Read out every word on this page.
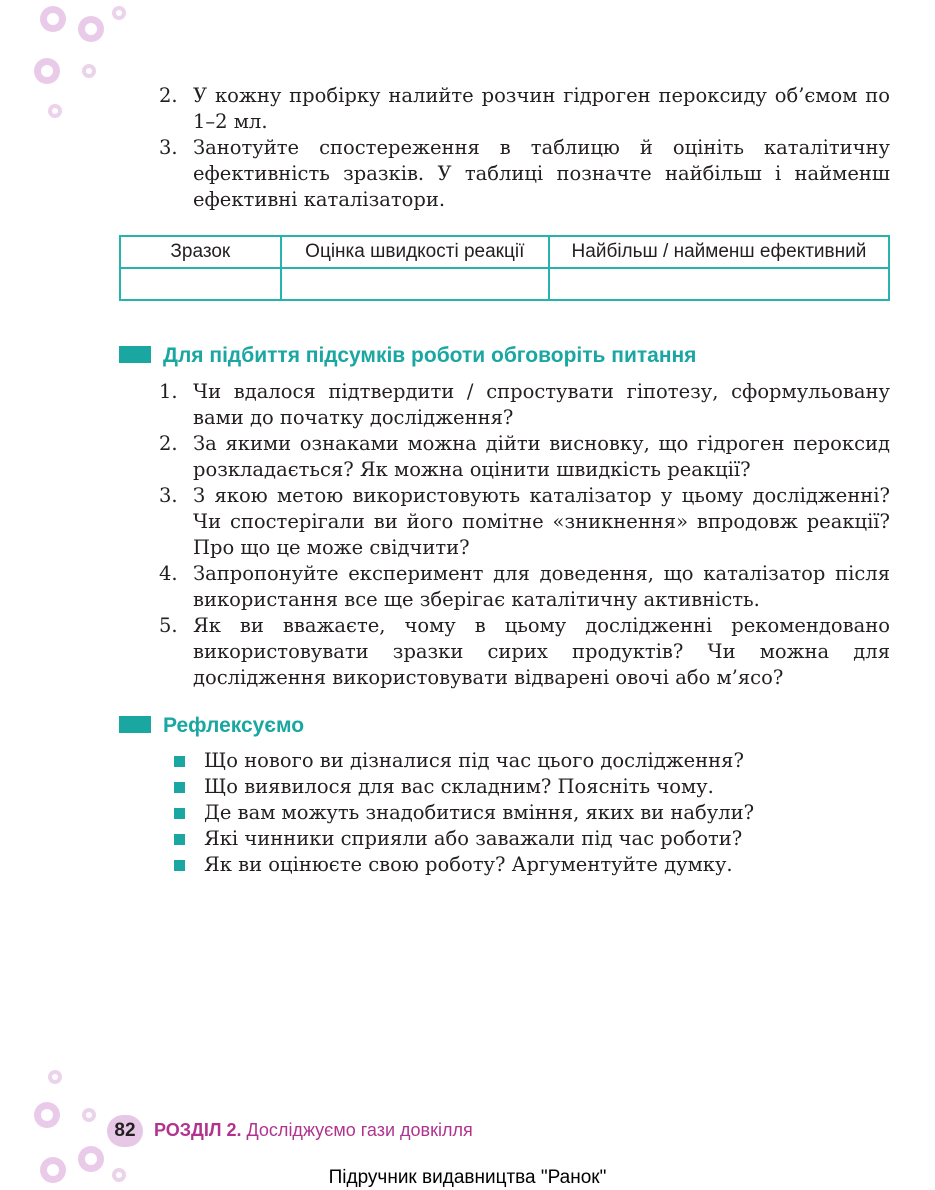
2. У кожну пробірку налийте розчин гідроген пероксиду об’ємом по 1–2 мл.
3. Занотуйте спостереження в таблицю й оцініть каталітичну ефективність зразків. У таблиці позначте найбільш і найменш ефективні каталізатори.
Зразок	Оцінка швидкості реакції	Найбільш / найменш ефективний

Для підбиття підсумків роботи обговоріть питання
1. Чи вдалося підтвердити / спростувати гіпотезу, сформульовану вами до початку дослідження?
2. За якими ознаками можна дійти висновку, що гідроген пероксид розкладається? Як можна оцінити швидкість реакції?
3. З якою метою використовують каталізатор у цьому дослідженні? Чи спостерігали ви його помітне «зникнення» впродовж реакції? Про що це може свідчити?
4. Запропонуйте експеримент для доведення, що каталізатор після використання все ще зберігає каталітичну активність.
5. Як ви вважаєте, чому в цьому дослідженні рекомендовано використовувати зразки сирих продуктів? Чи можна для дослідження використовувати відварені овочі або м’ясо?
Рефлексуємо
Що нового ви дізналися під час цього дослідження?
Що виявилося для вас складним? Поясніть чому.
Де вам можуть знадобитися вміння, яких ви набули?
Які чинники сприяли або заважали під час роботи?
Як ви оцінюєте свою роботу? Аргументуйте думку.
82	РОЗДІЛ 2. Досліджуємо гази довкілля
Підручник видавництва "Ранок"
